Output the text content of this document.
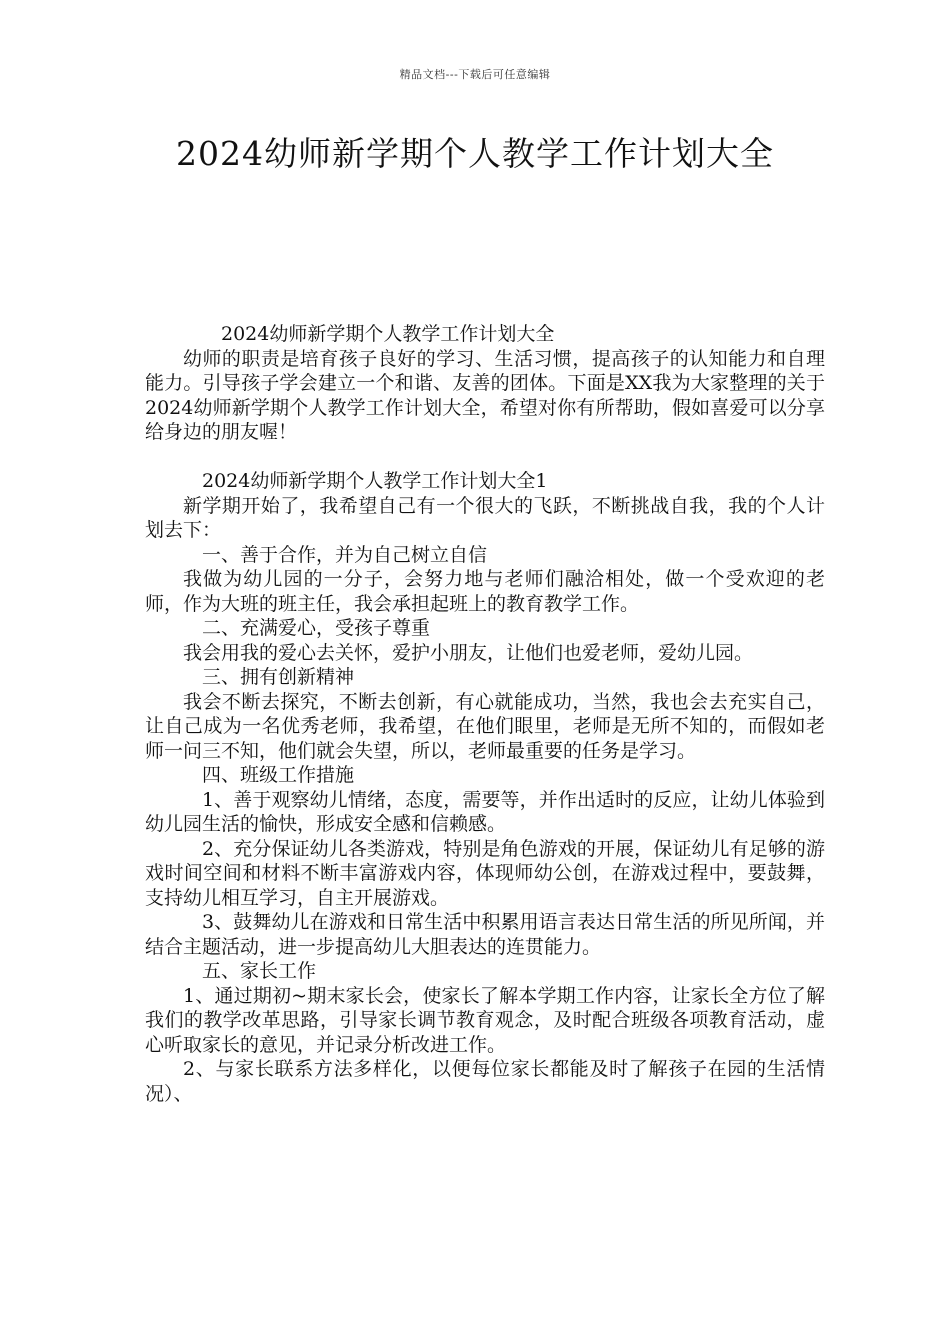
精品文档---下载后可任意编辑
2024幼师新学期个人教学工作计划大全

2024幼师新学期个人教学工作计划大全

幼师的职责是培育孩子良好的学习、生活习惯，提高孩子的认知能力和自理能力。引导孩子学会建立一个和谐、友善的团体。下面是XX我为大家整理的关于2024幼师新学期个人教学工作计划大全，希望对你有所帮助，假如喜爱可以分享给身边的朋友喔！

2024幼师新学期个人教学工作计划大全1

新学期开始了，我希望自己有一个很大的飞跃，不断挑战自我，我的个人计划去下：

一、善于合作，并为自己树立自信

我做为幼儿园的一分子，会努力地与老师们融洽相处，做一个受欢迎的老师，作为大班的班主任，我会承担起班上的教育教学工作。

二、充满爱心，受孩子尊重

我会用我的爱心去关怀，爱护小朋友，让他们也爱老师，爱幼儿园。

三、拥有创新精神

我会不断去探究，不断去创新，有心就能成功，当然，我也会去充实自己，让自己成为一名优秀老师，我希望，在他们眼里，老师是无所不知的，而假如老师一问三不知，他们就会失望，所以，老师最重要的任务是学习。

四、班级工作措施

1、善于观察幼儿情绪，态度，需要等，并作出适时的反应，让幼儿体验到幼儿园生活的愉快，形成安全感和信赖感。

2、充分保证幼儿各类游戏，特别是角色游戏的开展，保证幼儿有足够的游戏时间空间和材料不断丰富游戏内容，体现师幼公创，在游戏过程中，要鼓舞，支持幼儿相互学习，自主开展游戏。

3、鼓舞幼儿在游戏和日常生活中积累用语言表达日常生活的所见所闻，并结合主题活动，进一步提高幼儿大胆表达的连贯能力。

五、家长工作

1、通过期初~期末家长会，使家长了解本学期工作内容，让家长全方位了解我们的教学改革思路，引导家长调节教育观念，及时配合班级各项教育活动，虚心听取家长的意见，并记录分析改进工作。

2、与家长联系方法多样化，以便每位家长都能及时了解孩子在园的生活情况）、
